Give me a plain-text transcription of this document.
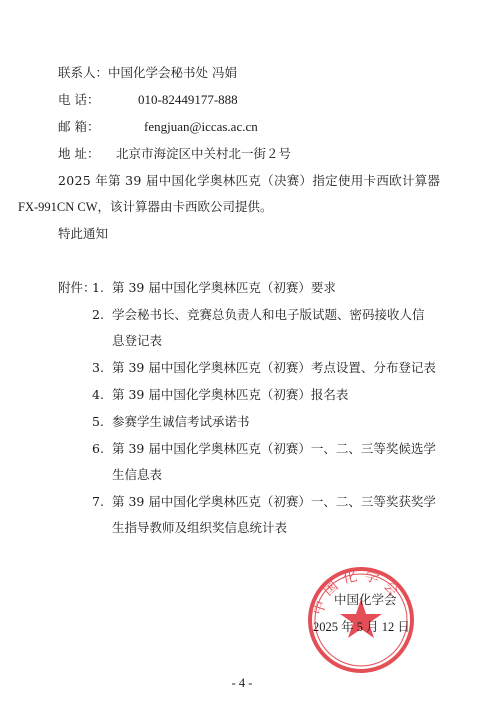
联系人：中国化学会秘书处 冯娟
电 话：	010-82449177-888
邮 箱：	fengjuan@iccas.ac.cn
地 址： 北京市海淀区中关村北一街２号
2025 年第 39 届中国化学奥林匹克（决赛）指定使用卡西欧计算器
FX-991CN CW，该计算器由卡西欧公司提供。
特此通知
附件：
1. 第 39 届中国化学奥林匹克（初赛）要求
2. 学会秘书长、竞赛总负责人和电子版试题、密码接收人信
息登记表
3. 第 39 届中国化学奥林匹克（初赛）考点设置、分布登记表
4. 第 39 届中国化学奥林匹克（初赛）报名表
5. 参赛学生诚信考试承诺书
6. 第 39 届中国化学奥林匹克（初赛）一、二、三等奖候选学
生信息表
7. 第 39 届中国化学奥林匹克（初赛）一、二、三等奖获奖学
生指导教师及组织奖信息统计表
中国化学会
中国化学会
2025 年 5 月 12 日
- 4 -
